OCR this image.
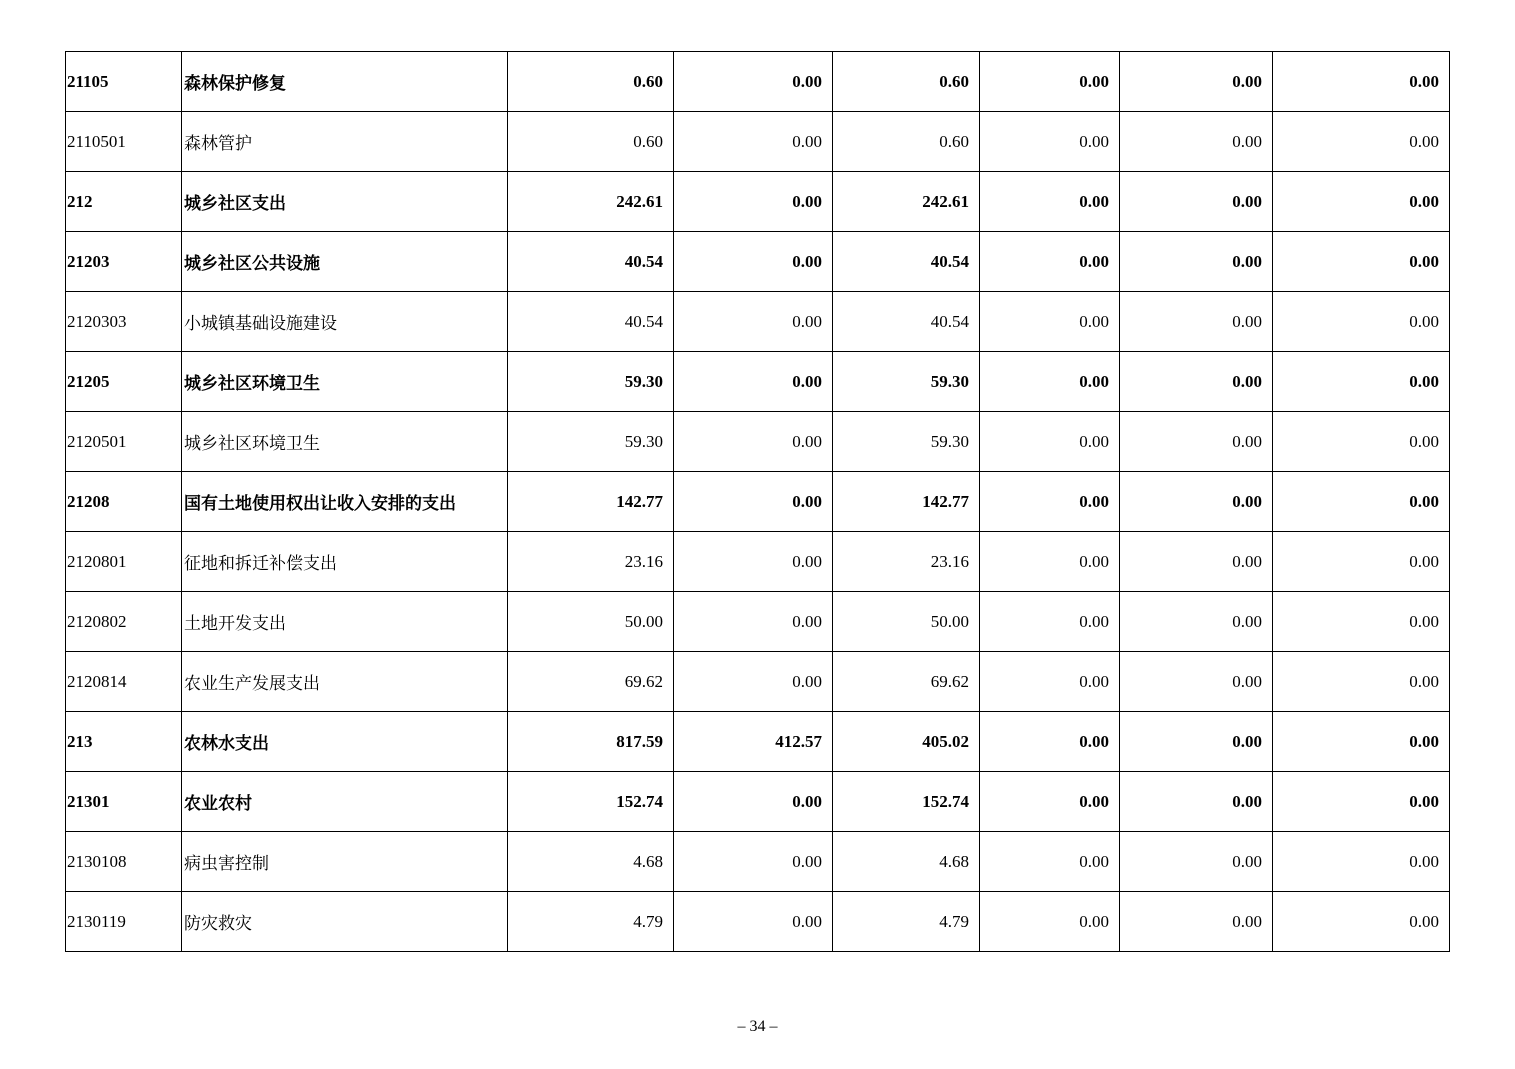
21105	森林保护修复	0.60	0.00	0.60	0.00	0.00	0.00
2110501	森林管护	0.60	0.00	0.60	0.00	0.00	0.00
212	城乡社区支出	242.61	0.00	242.61	0.00	0.00	0.00
21203	城乡社区公共设施	40.54	0.00	40.54	0.00	0.00	0.00
2120303	小城镇基础设施建设	40.54	0.00	40.54	0.00	0.00	0.00
21205	城乡社区环境卫生	59.30	0.00	59.30	0.00	0.00	0.00
2120501	城乡社区环境卫生	59.30	0.00	59.30	0.00	0.00	0.00
21208	国有土地使用权出让收入安排的支出	142.77	0.00	142.77	0.00	0.00	0.00
2120801	征地和拆迁补偿支出	23.16	0.00	23.16	0.00	0.00	0.00
2120802	土地开发支出	50.00	0.00	50.00	0.00	0.00	0.00
2120814	农业生产发展支出	69.62	0.00	69.62	0.00	0.00	0.00
213	农林水支出	817.59	412.57	405.02	0.00	0.00	0.00
21301	农业农村	152.74	0.00	152.74	0.00	0.00	0.00
2130108	病虫害控制	4.68	0.00	4.68	0.00	0.00	0.00
2130119	防灾救灾	4.79	0.00	4.79	0.00	0.00	0.00
– 34 –
